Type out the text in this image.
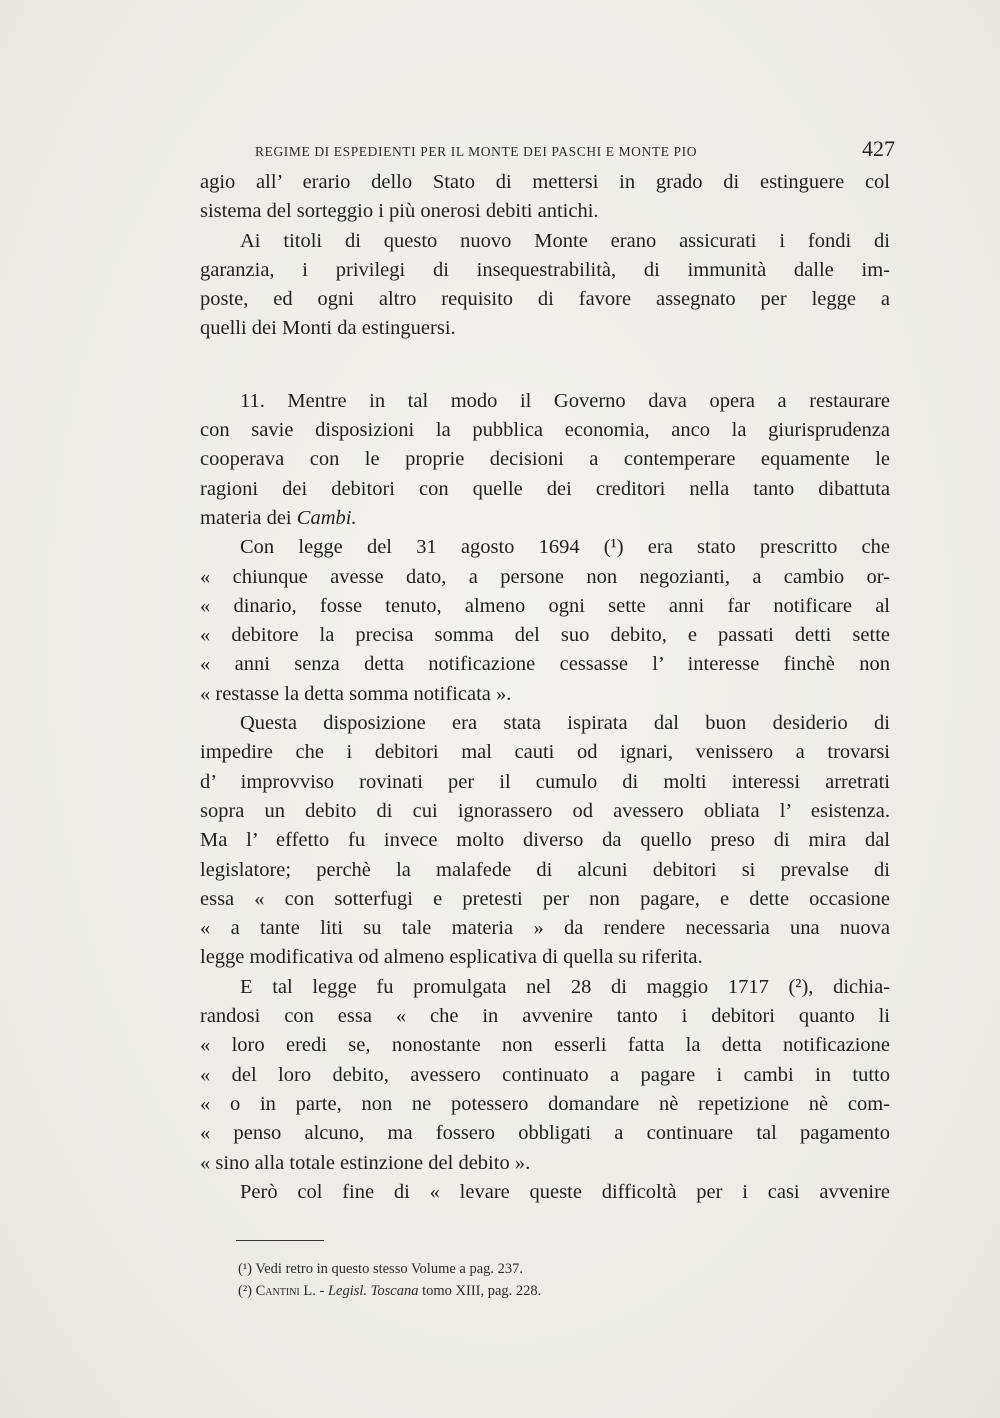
REGIME DI ESPEDIENTI PER IL MONTE DEI PASCHI E MONTE PIO	427
agio all’ erario dello Stato di mettersi in grado di estinguere col
sistema del sorteggio i più onerosi debiti antichi.
Ai titoli di questo nuovo Monte erano assicurati i fondi di
garanzia, i privilegi di insequestrabilità, di immunità dalle im-
poste, ed ogni altro requisito di favore assegnato per legge a
quelli dei Monti da estinguersi.
11. Mentre in tal modo il Governo dava opera a restaurare
con savie disposizioni la pubblica economia, anco la giurisprudenza
cooperava con le proprie decisioni a contemperare equamente le
ragioni dei debitori con quelle dei creditori nella tanto dibattuta
materia dei Cambi.
Con legge del 31 agosto 1694 (¹) era stato prescritto che
« chiunque avesse dato, a persone non negozianti, a cambio or-
« dinario, fosse tenuto, almeno ogni sette anni far notificare al
« debitore la precisa somma del suo debito, e passati detti sette
« anni senza detta notificazione cessasse l’ interesse finchè non
« restasse la detta somma notificata ».
Questa disposizione era stata ispirata dal buon desiderio di
impedire che i debitori mal cauti od ignari, venissero a trovarsi
d’ improvviso rovinati per il cumulo di molti interessi arretrati
sopra un debito di cui ignorassero od avessero obliata l’ esistenza.
Ma l’ effetto fu invece molto diverso da quello preso di mira dal
legislatore; perchè la malafede di alcuni debitori si prevalse di
essa « con sotterfugi e pretesti per non pagare, e dette occasione
« a tante liti su tale materia » da rendere necessaria una nuova
legge modificativa od almeno esplicativa di quella su riferita.
E tal legge fu promulgata nel 28 di maggio 1717 (²), dichia-
randosi con essa « che in avvenire tanto i debitori quanto li
« loro eredi se, nonostante non esserli fatta la detta notificazione
« del loro debito, avessero continuato a pagare i cambi in tutto
« o in parte, non ne potessero domandare nè repetizione nè com-
« penso alcuno, ma fossero obbligati a continuare tal pagamento
« sino alla totale estinzione del debito ».
Però col fine di « levare queste difficoltà per i casi avvenire
(¹) Vedi retro in questo stesso Volume a pag. 237.
(²) Cantini L. - Legisl. Toscana tomo XIII, pag. 228.
